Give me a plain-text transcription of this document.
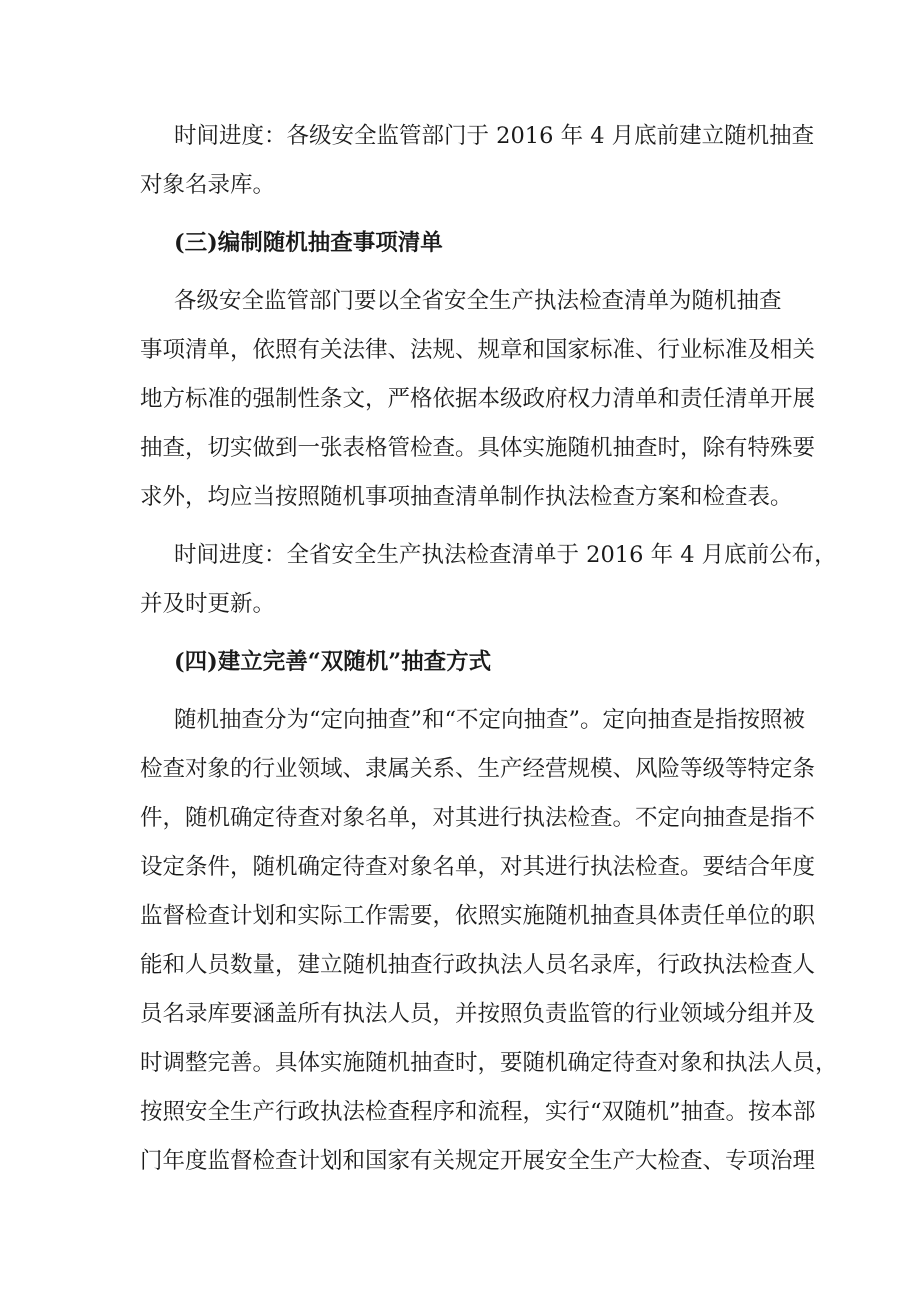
时间进度：各级安全监管部门于 2016 年 4 月底前建立随机抽查
对象名录库。
(三)编制随机抽查事项清单
各级安全监管部门要以全省安全生产执法检查清单为随机抽查
事项清单，依照有关法律、法规、规章和国家标准、行业标准及相关
地方标准的强制性条文，严格依据本级政府权力清单和责任清单开展
抽查，切实做到一张表格管检查。具体实施随机抽查时，除有特殊要
求外，均应当按照随机事项抽查清单制作执法检查方案和检查表。
时间进度：全省安全生产执法检查清单于 2016 年 4 月底前公布，
并及时更新。
(四)建立完善“双随机”抽查方式
随机抽查分为“定向抽查”和“不定向抽查”。定向抽查是指按照被
检查对象的行业领域、隶属关系、生产经营规模、风险等级等特定条
件，随机确定待查对象名单，对其进行执法检查。不定向抽查是指不
设定条件，随机确定待查对象名单，对其进行执法检查。要结合年度
监督检查计划和实际工作需要，依照实施随机抽查具体责任单位的职
能和人员数量，建立随机抽查行政执法人员名录库，行政执法检查人
员名录库要涵盖所有执法人员，并按照负责监管的行业领域分组并及
时调整完善。具体实施随机抽查时，要随机确定待查对象和执法人员，
按照安全生产行政执法检查程序和流程，实行“双随机”抽查。按本部
门年度监督检查计划和国家有关规定开展安全生产大检查、专项治理
